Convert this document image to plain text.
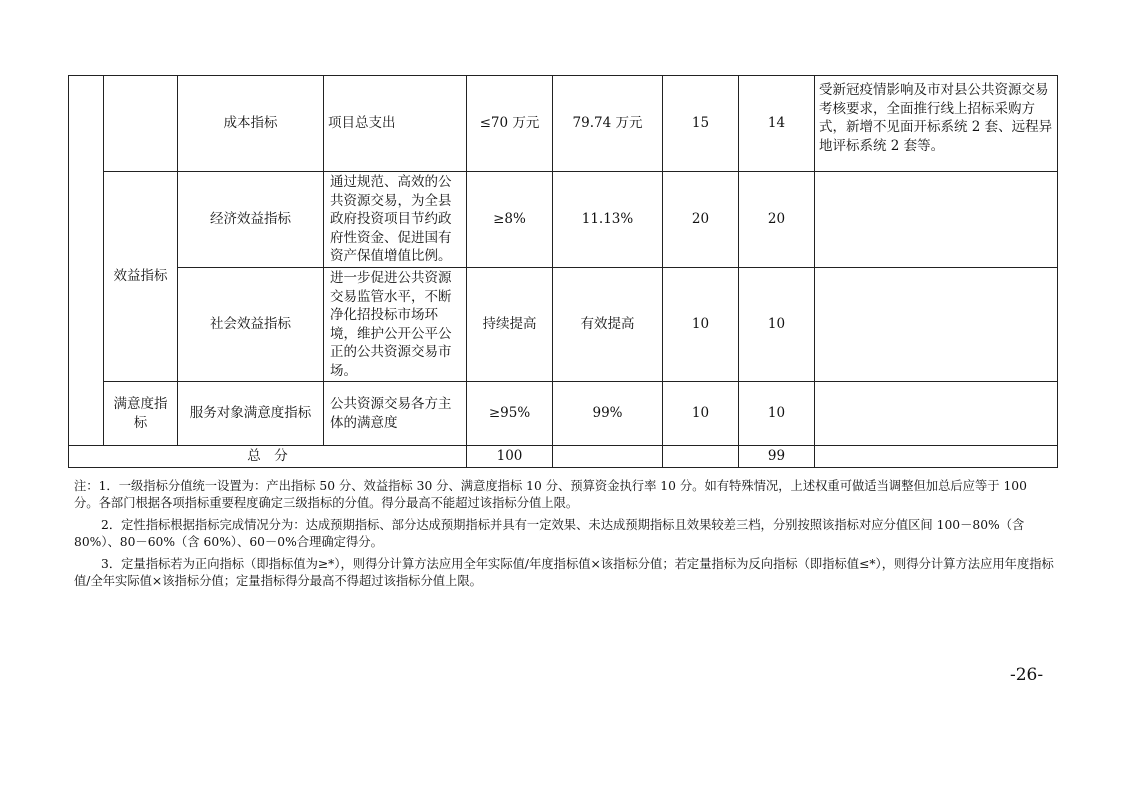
		成本指标	项目总支出	≤70 万元	79.74 万元	15	14	受新冠疫情影响及市对县公共资源交易考核要求，全面推行线上招标采购方式，新增不见面开标系统 2 套、远程异地评标系统 2 套等。
	效益指标	经济效益指标	通过规范、高效的公共资源交易，为全县政府投资项目节约政府性资金、促进国有资产保值增值比例。	≥8%	11.13%	20	20	
		社会效益指标	进一步促进公共资源交易监管水平，不断净化招投标市场环境，维护公开公平公正的公共资源交易市场。	持续提高	有效提高	10	10	
	满意度指标	服务对象满意度指标	公共资源交易各方主体的满意度	≥95%	99%	10	10	
总　分				100			99	

注：1．一级指标分值统一设置为：产出指标 50 分、效益指标 30 分、满意度指标 10 分、预算资金执行率 10 分。如有特殊情况，上述权重可做适当调整但加总后应等于 100 分。各部门根据各项指标重要程度确定三级指标的分值。得分最高不能超过该指标分值上限。

2．定性指标根据指标完成情况分为：达成预期指标、部分达成预期指标并具有一定效果、未达成预期指标且效果较差三档，分别按照该指标对应分值区间 100－80%（含 80%）、80－60%（含 60%）、60－0%合理确定得分。

3．定量指标若为正向指标（即指标值为≥*），则得分计算方法应用全年实际值/年度指标值×该指标分值；若定量指标为反向指标（即指标值≤*），则得分计算方法应用年度指标值/全年实际值×该指标分值；定量指标得分最高不得超过该指标分值上限。

-26-
